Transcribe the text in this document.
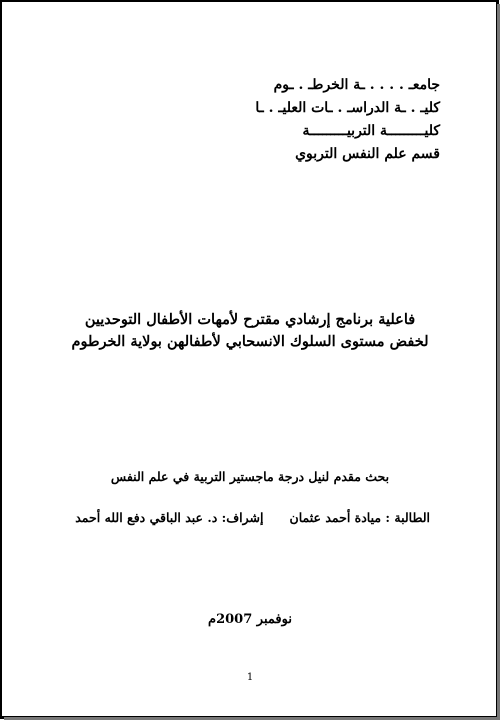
جامعـ . . . . ـة الخرطـ . ـوم
كليـ . ـة الدراسـ . ـات العليـ . ـا
كليـــــــــة التربيـــــــــة
قسم علم النفس التربوي
فاعلية برنامج إرشادي مقترح لأمهات الأطفال التوحديين
لخفض مستوى السلوك الانسحابي لأطفالهن بولاية الخرطوم
بحث مقدم لنيل درجة ماجستير التربية في علم النفس
الطالبة : ميادة أحمد عثمانإشراف: د. عبد الباقي دفع الله أحمد
نوفمبر 2007م
1
